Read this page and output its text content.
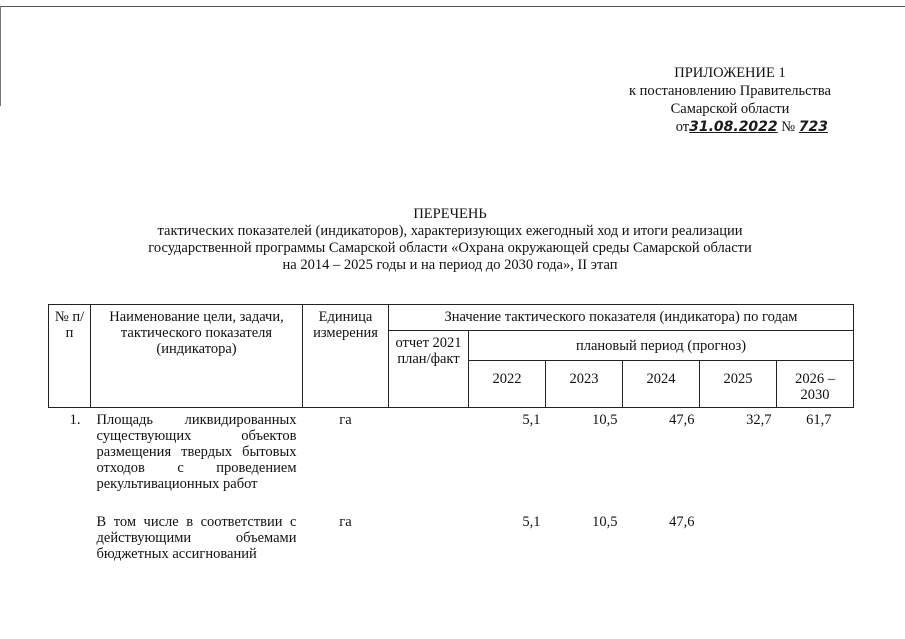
ПРИЛОЖЕНИЕ 1
к постановлению Правительства
Самарской области
от31.08.2022 № 723
ПЕРЕЧЕНЬ
тактических показателей (индикаторов), характеризующих ежегодный ход и итоги реализации
государственной программы Самарской области «Охрана окружающей среды Самарской области
на 2014 – 2025 годы и на период до 2030 года», II этап
№ п/п	Наименование цели, задачи, тактического показателя (индикатора)	Единица измерения	Значение тактического показателя (индикатора) по годам					
			отчет 2021 план/факт	плановый период (прогноз)				
				2022	2023	2024	2025	2026 – 2030
1.	Площадь ликвидированных существующих объектов размещения твердых бытовых отходов с проведением рекультивационных работ	га		5,1	10,5	47,6	32,7	61,7

	В том числе в соответствии с действующими объемами бюджетных ассигнований	га		5,1	10,5	47,6		
